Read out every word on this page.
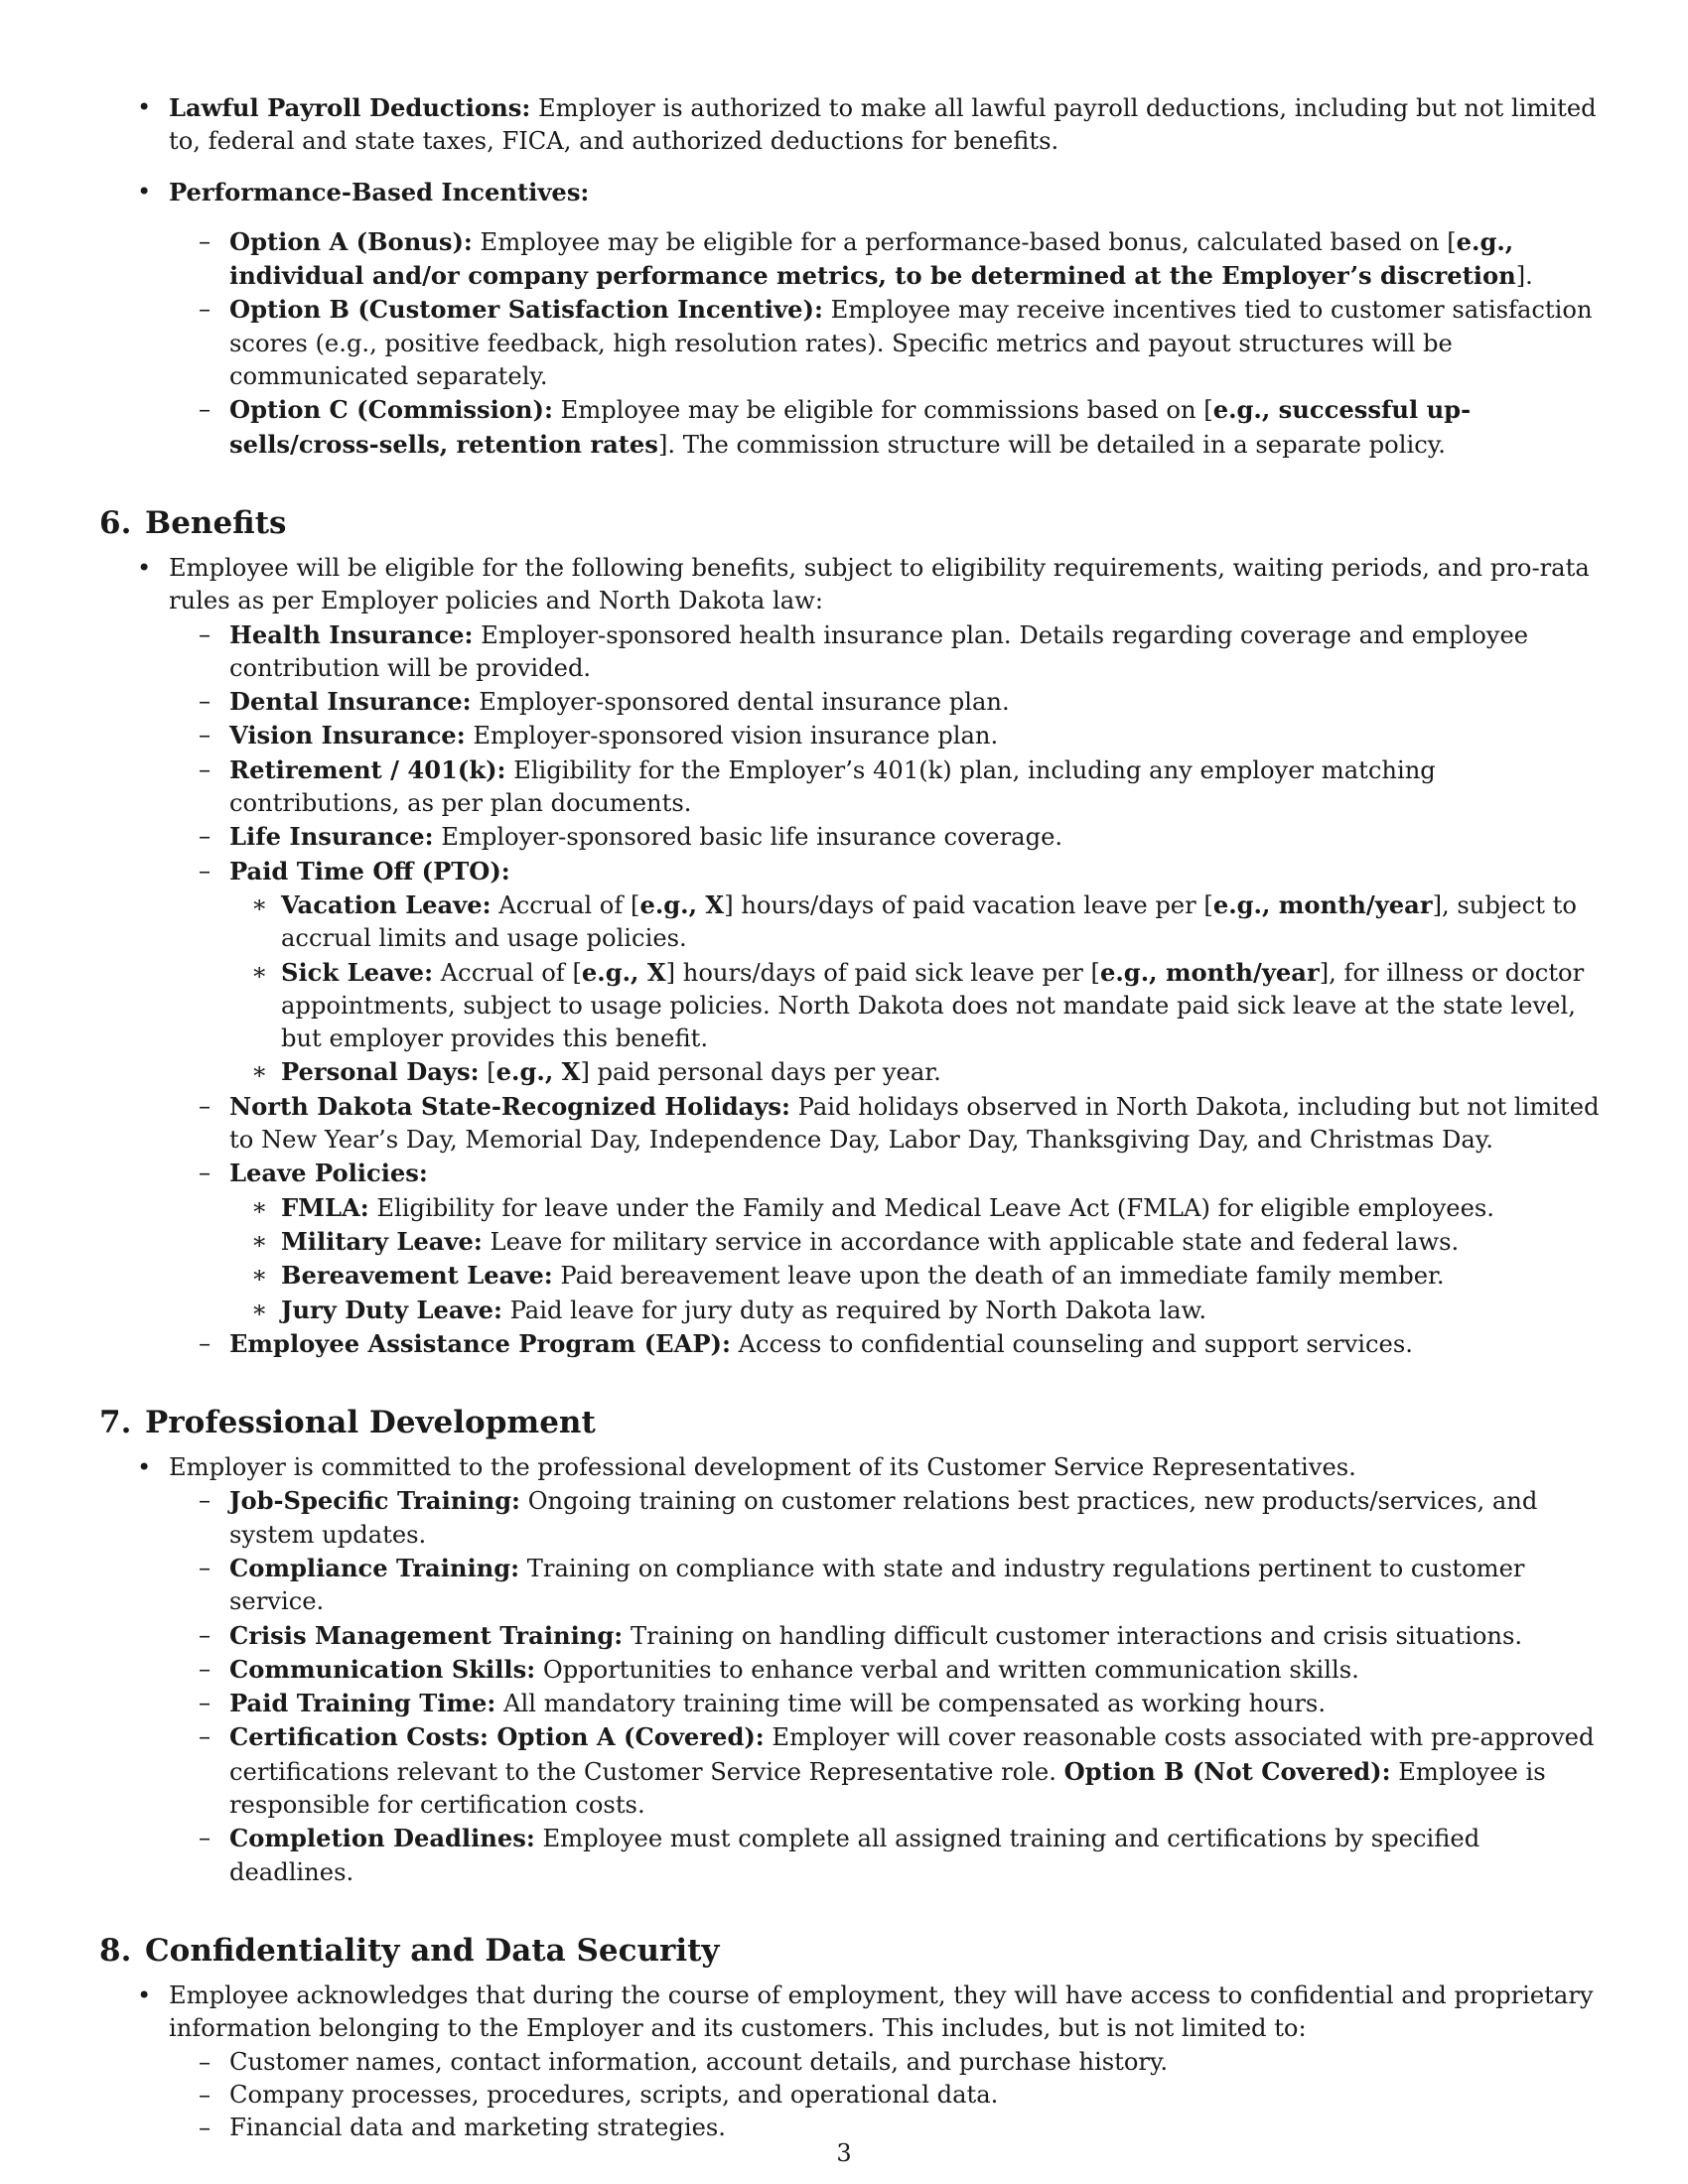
• Lawful Payroll Deductions: Employer is authorized to make all lawful payroll deductions, including but not limited to, federal and state taxes, FICA, and authorized deductions for benefits.
• Performance-Based Incentives:
– Option A (Bonus): Employee may be eligible for a performance-based bonus, calculated based on [e.g., individual and/or company performance metrics, to be determined at the Employer’s discretion].
– Option B (Customer Satisfaction Incentive): Employee may receive incentives tied to customer satisfaction scores (e.g., positive feedback, high resolution rates). Specific metrics and payout structures will be communicated separately.
– Option C (Commission): Employee may be eligible for commissions based on [e.g., successful up-sells/cross-sells, retention rates]. The commission structure will be detailed in a separate policy.
6. Benefits
• Employee will be eligible for the following benefits, subject to eligibility requirements, waiting periods, and pro-rata rules as per Employer policies and North Dakota law:
– Health Insurance: Employer-sponsored health insurance plan. Details regarding coverage and employee contribution will be provided.
– Dental Insurance: Employer-sponsored dental insurance plan.
– Vision Insurance: Employer-sponsored vision insurance plan.
– Retirement / 401(k): Eligibility for the Employer’s 401(k) plan, including any employer matching contributions, as per plan documents.
– Life Insurance: Employer-sponsored basic life insurance coverage.
– Paid Time Off (PTO):
∗ Vacation Leave: Accrual of [e.g., X] hours/days of paid vacation leave per [e.g., month/year], subject to accrual limits and usage policies.
∗ Sick Leave: Accrual of [e.g., X] hours/days of paid sick leave per [e.g., month/year], for illness or doctor appointments, subject to usage policies. North Dakota does not mandate paid sick leave at the state level, but employer provides this benefit.
∗ Personal Days: [e.g., X] paid personal days per year.
– North Dakota State-Recognized Holidays: Paid holidays observed in North Dakota, including but not limited to New Year’s Day, Memorial Day, Independence Day, Labor Day, Thanksgiving Day, and Christmas Day.
– Leave Policies:
∗ FMLA: Eligibility for leave under the Family and Medical Leave Act (FMLA) for eligible employees.
∗ Military Leave: Leave for military service in accordance with applicable state and federal laws.
∗ Bereavement Leave: Paid bereavement leave upon the death of an immediate family member.
∗ Jury Duty Leave: Paid leave for jury duty as required by North Dakota law.
– Employee Assistance Program (EAP): Access to confidential counseling and support services.
7. Professional Development
• Employer is committed to the professional development of its Customer Service Representatives.
– Job-Specific Training: Ongoing training on customer relations best practices, new products/services, and system updates.
– Compliance Training: Training on compliance with state and industry regulations pertinent to customer service.
– Crisis Management Training: Training on handling difficult customer interactions and crisis situations.
– Communication Skills: Opportunities to enhance verbal and written communication skills.
– Paid Training Time: All mandatory training time will be compensated as working hours.
– Certification Costs: Option A (Covered): Employer will cover reasonable costs associated with pre-approved certifications relevant to the Customer Service Representative role. Option B (Not Covered): Employee is responsible for certification costs.
– Completion Deadlines: Employee must complete all assigned training and certifications by specified deadlines.
8. Confidentiality and Data Security
• Employee acknowledges that during the course of employment, they will have access to confidential and proprietary information belonging to the Employer and its customers. This includes, but is not limited to:
– Customer names, contact information, account details, and purchase history.
– Company processes, procedures, scripts, and operational data.
– Financial data and marketing strategies.
3
